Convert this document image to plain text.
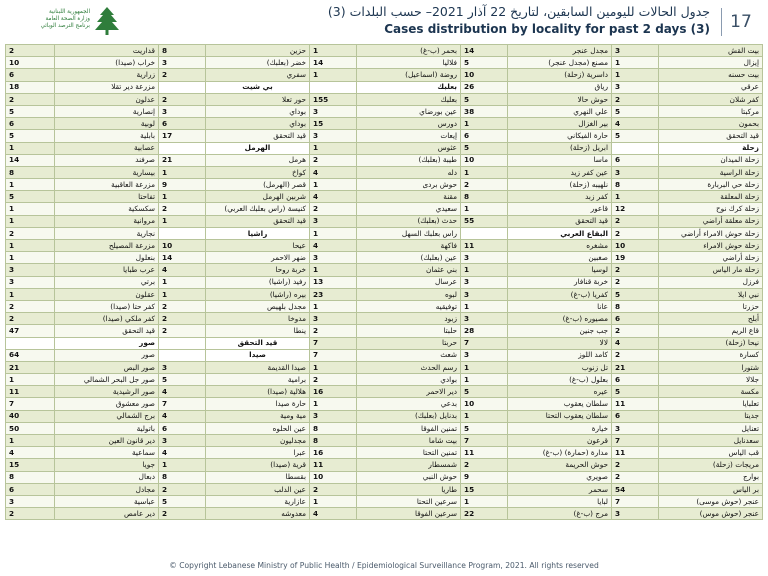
الجمهورية اللبنانية
وزارة الصحة العامة
برنامج الترصد الوبائي
جدول الحالات لليومين السابقين، لتاريخ 22 آذار 2021– حسب البلدات (3)
Cases distribution by locality for past 2 days (3)	17
بيت القش	3	مجدل عنجر	14	بحمر (ب-غ)	1	حزين	8	قداريت	2
إيزال	1	مصنع (مجدل عنجر)	5	فلاليا	14	خضر (بعلبك)	3	خراب (صيدا)	10
بيت حسنه	1	داسرية (زحلة)	10	روضة (اسماعيل)	1	سفري	2	زرارية	6
عرقي	3	رياق	26	بعلبك		بي شيت		مزرعة دير تقلا	18
كفر شلان	2	حوش حالا	5	بعلبك	155	حور تعلا	2	عدلون	2
مركبتا	5	علي النهري	38	عين بورضاي	3	بوداي	3	إنصارية	5
بحمون	4	بير الغزال	1	دورس	15	بوداي	6	لوبية	6
قيد التحقق	5	حارة الفيكاني	6	إيعات	3	قيد التحقق	17	بابلية	5
زحلة		ابريل (زحلة)	5	عثوس	1	الهرمل		عصابية	1
زحلة الميدان	6	ماسا	10	طيبة (بعلبك)	2	هرمل	21	صرفند	14
زحلة الراسية	3	عين كفر زيد	1	دله	4	كواخ	1	بيسارية	8
زحلة حي البربارة	8	نلهيبه (زحلة)	2	حوش بردى	1	قصر (الهرمل)	9	مزرعة العاقبية	1
زحلة المعلقة	1	كفر زبد	8	مقنة	4	شربين الهرمل	1	تفاحتا	5
زحلة كرك نوح	12	قاعور	1	سعيدي	2	كنيسة (راس بعلبك العربي)	2	سكسكية	1
زحلة معلقة أراضي	2	قيد التحقق	55	حدث (بعلبك)	3	قيد التحقق	1	مروانية	1
زحلة حوش الامراء أراضي	2	البقاع العربي		راس بعلبك السهل	1	راشيا		نجارية	2
زحلة حوش الامراء	10	مشغره	11	فاكهة	4	عيحا	10	مزرعة المصيلح	1
زحلة أراضي	19	صغبين	3	عين (بعلبك)	3	ضهر الاحمر	14	بنعلول	1
زحلة مار الياس	2	لوسيا	1	بني عثمان	1	خربة روحا	4	عرب طبايا	3
فرزل	2	خربة قنافار	3	عرسال	13	رفيد (راشيا)	1	برتي	3
نبي ايلا	5	كفريا (ب-غ)	3	لبوه	23	بيره (راشيا)	1	عقلون	1
حزرتا	8	عانا	1	توفيقيه	1	مجدل بلهيص	2	كفر حتا (صيدا)	2
أبلح	6	مصيوره (ب-غ)	3	زبود	3	مدوخا	2	كفر ملكي (صيدا)	2
قاع الريم	2	جب جنين	28	حلبتا	2	ينطا	2	قيد التحقق	47
نيحا (زحلة)	4	لالا	7	حربتا	7	قيد التحقق		صور	
كسارة	2	كامد اللوز	3	شعث	7	صيدا		صور	64
شتورا	21	تل زنوب	1	رسم الحدث	1	صيدا القديمة	3	صور البص	21
جلالا	6	بعلول (ب-غ)	1	بوادي	2	برامية	5	صور جل البحر الشمالي	1
مكسة	5	عيره	5	دير الاحمر	16	هلالية (صيدا)	4	صور الرشيدية	11
تعلبايا	11	سلطان يعقوب	10	بدعي	1	حارة صيدا	7	صور معشوق	7
جديتا	6	سلطان يعقوب التحتا	1	بدنايل (بعلبك)	3	مية ومية	4	برج الشمالي	40
تعنايل	3	خيارة	5	تمنين الفوقا	8	عين الحلوه	6	باتولية	50
سعدنايل	7	قرعون	7	بيت شاما	8	مجدليون	3	دير قانون العين	1
قب الياس	11	مدارة (حمارة) (ب-غ)	11	تمنين التحتا	16	عبرا	4	سماعية	4
مريجات (زحلة)	2	حوش الحريمة	2	شمسطار	11	قرية (صيدا)	1	جويا	15
بوارج	2	صويري	9	حوش النبي	10	بقسطا	8	دبعال	8
بر الياس	54	سحمر	15	طاريا	2	عين الدلب	2	مجادل	6
عنجر (حوش موسى)	7	لبايا	1	سرعين التحتا	1	عازارية	5	عباسية	3
عنجر (حوش موس)	3	مرج (ب-غ)	22	سرعين الفوقا	4	معدوشه	2	دير عامص	2
© Copyright Lebanese Ministry of Public Health / Epidemiological Surveillance Program, 2021. All rights reserved
